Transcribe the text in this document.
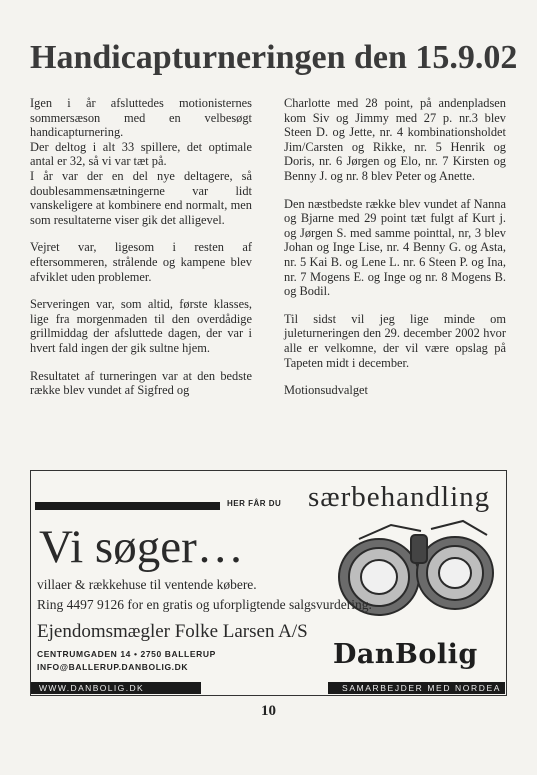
Handicapturneringen den 15.9.02

Igen i år afsluttedes motionisternes sommersæson med en velbesøgt handicapturnering.

Der deltog i alt 33 spillere, det optimale antal er 32, så vi var tæt på.

I år var der en del nye deltagere, så doublesammensætningerne var lidt vanskeligere at kombinere end normalt, men som resultaterne viser gik det alligevel.

Vejret var, ligesom i resten af eftersommeren, strålende og kampene blev afviklet uden problemer.

Serveringen var, som altid, første klasses, lige fra morgenmaden til den overdådige grillmiddag der afsluttede dagen, der var i hvert fald ingen der gik sultne hjem.

Resultatet af turneringen var at den bedste række blev vundet af Sigfred og

Charlotte med 28 point, på andenpladsen kom Siv og Jimmy med 27 p. nr.3 blev Steen D. og Jette, nr. 4 kombinationsholdet Jim/Carsten og Rikke, nr. 5 Henrik og Doris, nr. 6 Jørgen og Elo, nr. 7 Kirsten og Benny J. og nr. 8 blev Peter og Anette.

Den næstbedste række blev vundet af Nanna og Bjarne med 29 point tæt fulgt af Kurt j. og Jørgen S. med samme pointtal, nr, 3 blev Johan og Inge Lise, nr. 4 Benny G. og Asta, nr. 5 Kai B. og Lene L. nr. 6 Steen P. og Ina, nr. 7 Mogens E. og Inge og nr. 8 Mogens B. og Bodil.

Til sidst vil jeg lige minde om juleturneringen den 29. december 2002 hvor alle er velkomne, der vil være opslag på Tapeten midt i december.

Motionsudvalget

HER FÅR DU særbehandling
Vi søger…
villaer & rækkehuse til ventende købere.
Ring 4497 9126 for en gratis og uforpligtende salgsvurdering.
Ejendomsmægler Folke Larsen A/S
CENTRUMGADEN 14 • 2750 BALLERUP
INFO@BALLERUP.DANBOLIG.DK	DanBolig
WWW.DANBOLIG.DK	SAMARBEJDER MED NORDEA
10
